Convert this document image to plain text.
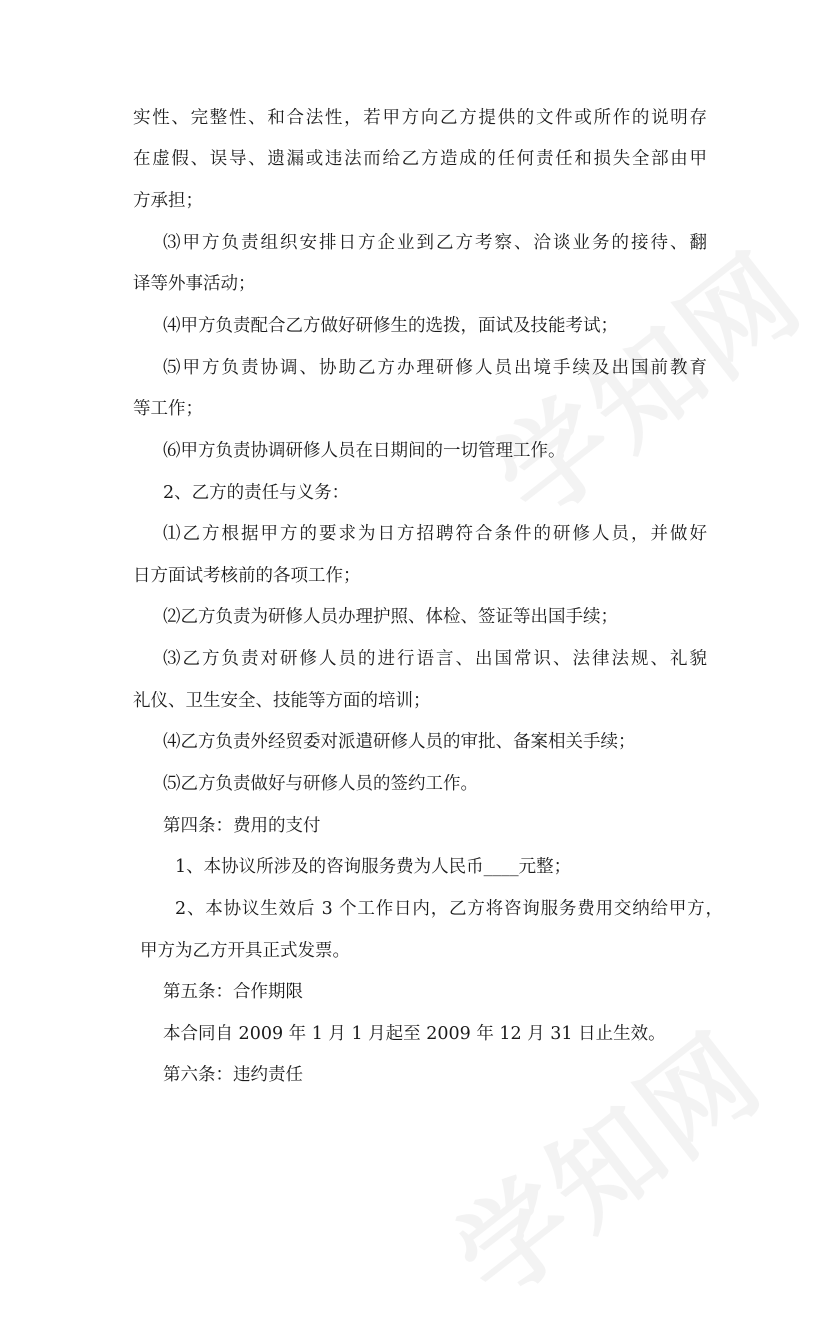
实性、完整性、和合法性，若甲方向乙方提供的文件或所作的说明存
在虚假、误导、遗漏或违法而给乙方造成的任何责任和损失全部由甲
方承担；
⑶甲方负责组织安排日方企业到乙方考察、洽谈业务的接待、翻
译等外事活动；
⑷甲方负责配合乙方做好研修生的选拨，面试及技能考试；
⑸甲方负责协调、协助乙方办理研修人员出境手续及出国前教育
等工作；
⑹甲方负责协调研修人员在日期间的一切管理工作。
2、乙方的责任与义务：
⑴乙方根据甲方的要求为日方招聘符合条件的研修人员，并做好
日方面试考核前的各项工作；
⑵乙方负责为研修人员办理护照、体检、签证等出国手续；
⑶乙方负责对研修人员的进行语言、出国常识、法律法规、礼貌
礼仪、卫生安全、技能等方面的培训；
⑷乙方负责外经贸委对派遣研修人员的审批、备案相关手续；
⑸乙方负责做好与研修人员的签约工作。
第四条：费用的支付
1、本协议所涉及的咨询服务费为人民币____元整；
2、本协议生效后 3 个工作日内，乙方将咨询服务费用交纳给甲方，
甲方为乙方开具正式发票。
第五条：合作期限
本合同自 2009 年 1 月 1 月起至 2009 年 12 月 31 日止生效。
第六条：违约责任
